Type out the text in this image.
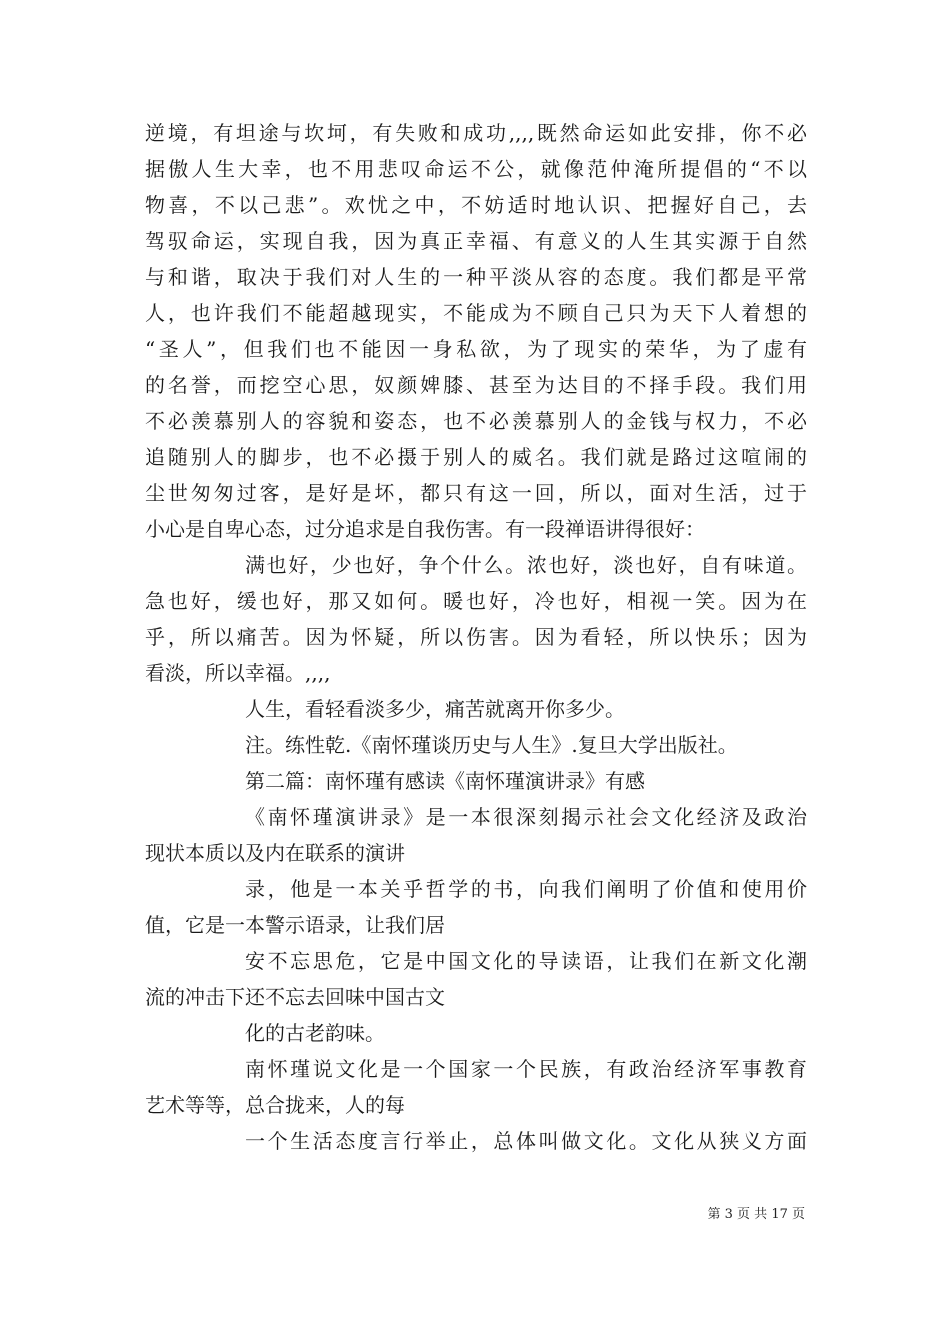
逆境，有坦途与坎坷，有失败和成功,,,,既然命运如此安排，你不必
据傲人生大幸，也不用悲叹命运不公，就像范仲淹所提倡的“不以
物喜，不以己悲”。欢忧之中，不妨适时地认识、把握好自己，去
驾驭命运，实现自我，因为真正幸福、有意义的人生其实源于自然
与和谐，取决于我们对人生的一种平淡从容的态度。我们都是平常
人，也许我们不能超越现实，不能成为不顾自己只为天下人着想的
“圣人”，但我们也不能因一身私欲，为了现实的荣华，为了虚有
的名誉，而挖空心思，奴颜婢膝、甚至为达目的不择手段。我们用
不必羡慕别人的容貌和姿态，也不必羡慕别人的金钱与权力，不必
追随别人的脚步，也不必摄于别人的威名。我们就是路过这喧闹的
尘世匆匆过客，是好是坏，都只有这一回，所以，面对生活，过于
小心是自卑心态，过分追求是自我伤害。有一段禅语讲得很好：
满也好，少也好，争个什么。浓也好，淡也好，自有味道。
急也好，缓也好，那又如何。暖也好，冷也好，相视一笑。因为在
乎，所以痛苦。因为怀疑，所以伤害。因为看轻，所以快乐；因为
看淡，所以幸福。,,,,
人生，看轻看淡多少，痛苦就离开你多少。
注。练性乾.《南怀瑾谈历史与人生》.复旦大学出版社。
第二篇：南怀瑾有感读《南怀瑾演讲录》有感
《南怀瑾演讲录》是一本很深刻揭示社会文化经济及政治
现状本质以及内在联系的演讲
录，他是一本关乎哲学的书，向我们阐明了价值和使用价
值，它是一本警示语录，让我们居
安不忘思危，它是中国文化的导读语，让我们在新文化潮
流的冲击下还不忘去回味中国古文
化的古老韵味。
南怀瑾说文化是一个国家一个民族，有政治经济军事教育
艺术等等，总合拢来，人的每
一个生活态度言行举止，总体叫做文化。文化从狭义方面
第 3 页 共 17 页
